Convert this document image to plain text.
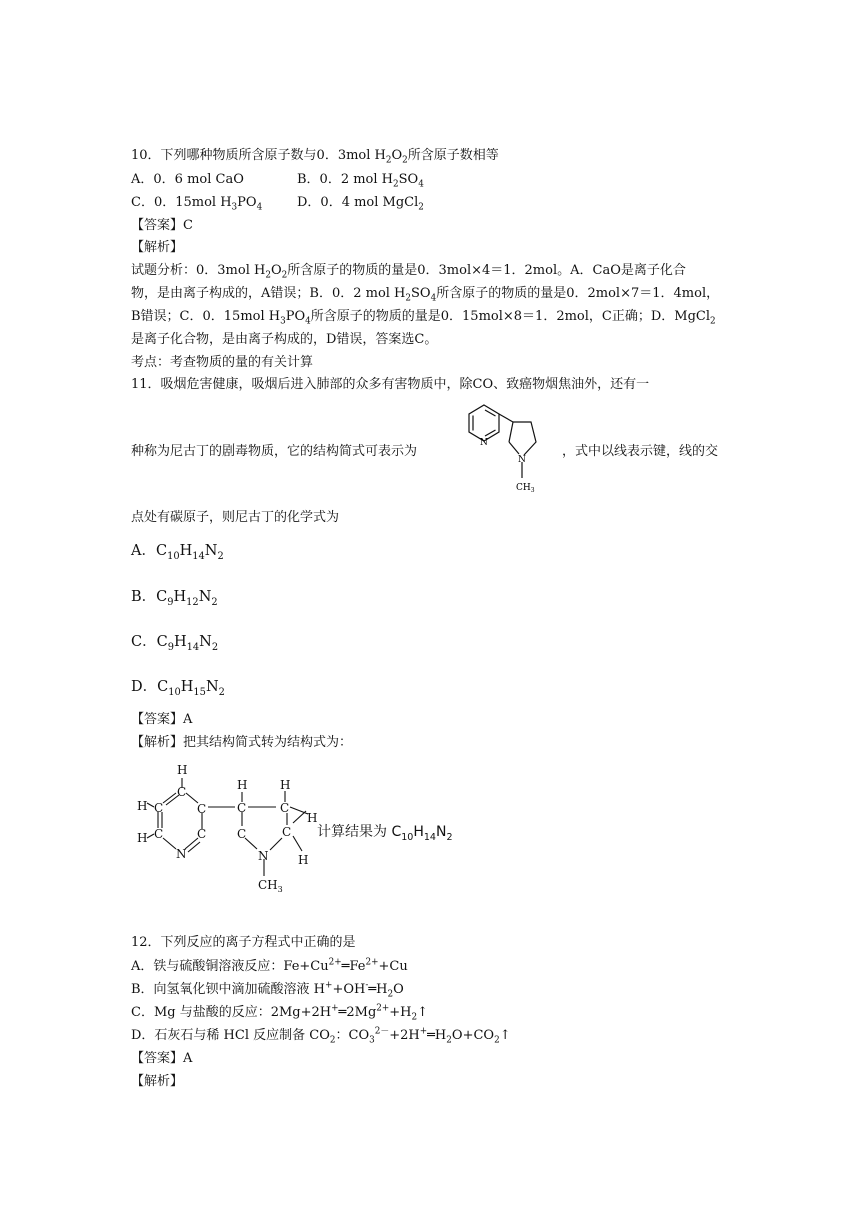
10．下列哪种物质所含原子数与0．3mol $H_2O_2$所含原子数相等
A．0．6 mol CaO	B．0．2 mol $H_2SO_4$
C．0．15mol $H_3PO_4$	D．0．4 mol MgCl$_2$
【答案】C
【解析】
试题分析：0．3mol $H_2O_2$所含原子的物质的量是0．3mol×4＝1．2mol。A．CaO是离子化合
物，是由离子构成的，A错误；B．0．2 mol $H_2SO_4$所含原子的物质的量是0．2mol×7＝1．4mol，
B错误；C．0．15mol $H_3PO_4$所含原子的物质的量是0．15mol×8＝1．2mol，C正确；D．MgCl$_2$
是离子化合物，是由离子构成的，D错误，答案选C。
考点：考查物质的量的有关计算
11．吸烟危害健康，吸烟后进入肺部的众多有害物质中，除CO、致癌物烟焦油外，还有一
种称为尼古丁的剧毒物质，它的结构简式可表示为
N
N
$CH_3$
，式中以线表示键，线的交
点处有碳原子，则尼古丁的化学式为
A．$C_{10}H_{14}N_2$
B．$C_9H_{12}N_2$
C．$C_9H_{14}N_2$
D．$C_{10}H_{15}N_2$
【答案】A
【解析】把其结构简式转为结构式为：
H
C
H C	C
H C	C
N
H
C
H
C
H
C	C
N H
$CH_3$
计算结果为 $C_{10}H_{14}N_2$
12．下列反应的离子方程式中正确的是
A．铁与硫酸铜溶液反应：$Fe+Cu^{2+}═Fe^{2+}+Cu$
B．向氢氧化钡中滴加硫酸溶液 $H^++OH^-═H_2O$
C．Mg 与盐酸的反应：$2Mg+2H^+═2Mg^{2+}+H_2↑$
D．石灰石与稀 HCl 反应制备 $CO_2$：$CO_3^{2-}+2H^+═H_2O+CO_2↑$
【答案】A
【解析】
